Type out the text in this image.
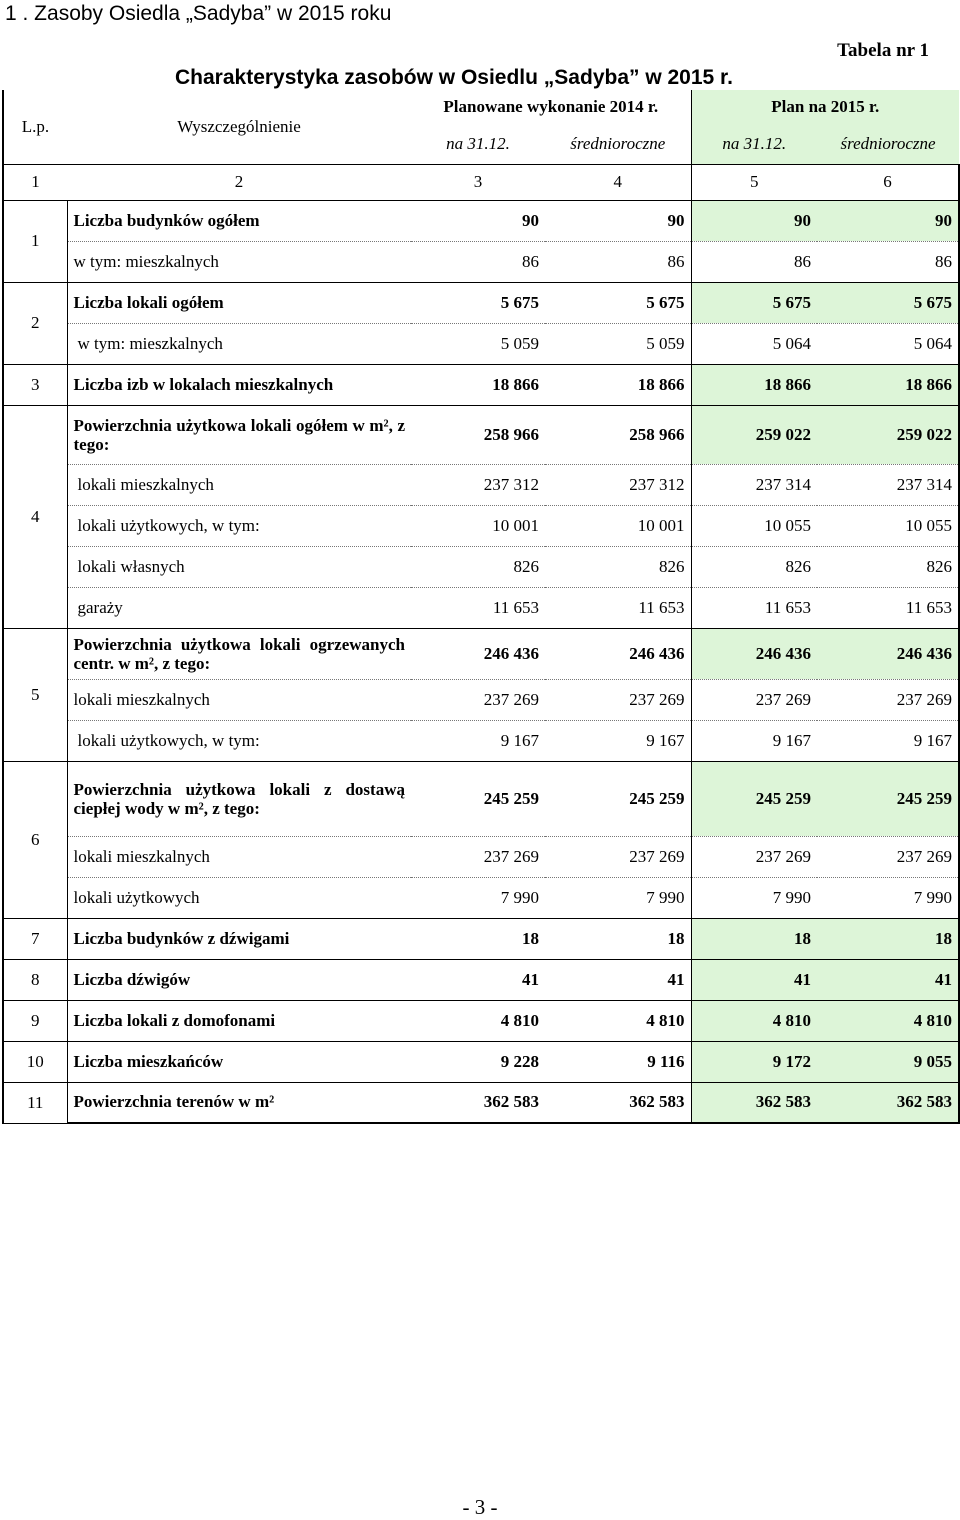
1 . Zasoby Osiedla „Sadyba” w 2015 roku
Tabela nr 1
Charakterystyka zasobów w Osiedlu „Sadyba” w 2015 r.
L.p.	Wyszczególnienie	Planowane wykonanie 2014 r.		Plan na 2015 r.	
		na 31.12.	średnioroczne	na 31.12.	średnioroczne
1	2	3	4	5	6
1	Liczba budynków ogółem	90	90	90	90
	w tym: mieszkalnych	86	86	86	86
2	Liczba lokali ogółem	5 675	5 675	5 675	5 675
	w tym: mieszkalnych	5 059	5 059	5 064	5 064
3	Liczba izb w lokalach mieszkalnych	18 866	18 866	18 866	18 866
4	Powierzchnia użytkowa lokali ogółem w m², z tego:	258 966	258 966	259 022	259 022
	lokali mieszkalnych	237 312	237 312	237 314	237 314
	lokali użytkowych, w tym:	10 001	10 001	10 055	10 055
	lokali własnych	826	826	826	826
	garaży	11 653	11 653	11 653	11 653
5	Powierzchnia użytkowa lokali ogrzewanych centr. w m², z tego:	246 436	246 436	246 436	246 436
	lokali mieszkalnych	237 269	237 269	237 269	237 269
	lokali użytkowych, w tym:	9 167	9 167	9 167	9 167
6	Powierzchnia użytkowa lokali z dostawą ciepłej wody w m², z tego:	245 259	245 259	245 259	245 259
	lokali mieszkalnych	237 269	237 269	237 269	237 269
	lokali użytkowych	7 990	7 990	7 990	7 990
7	Liczba budynków z dźwigami	18	18	18	18
8	Liczba dźwigów	41	41	41	41
9	Liczba lokali z domofonami	4 810	4 810	4 810	4 810
10	Liczba mieszkańców	9 228	9 116	9 172	9 055
11	Powierzchnia terenów w m²	362 583	362 583	362 583	362 583
- 3 -
